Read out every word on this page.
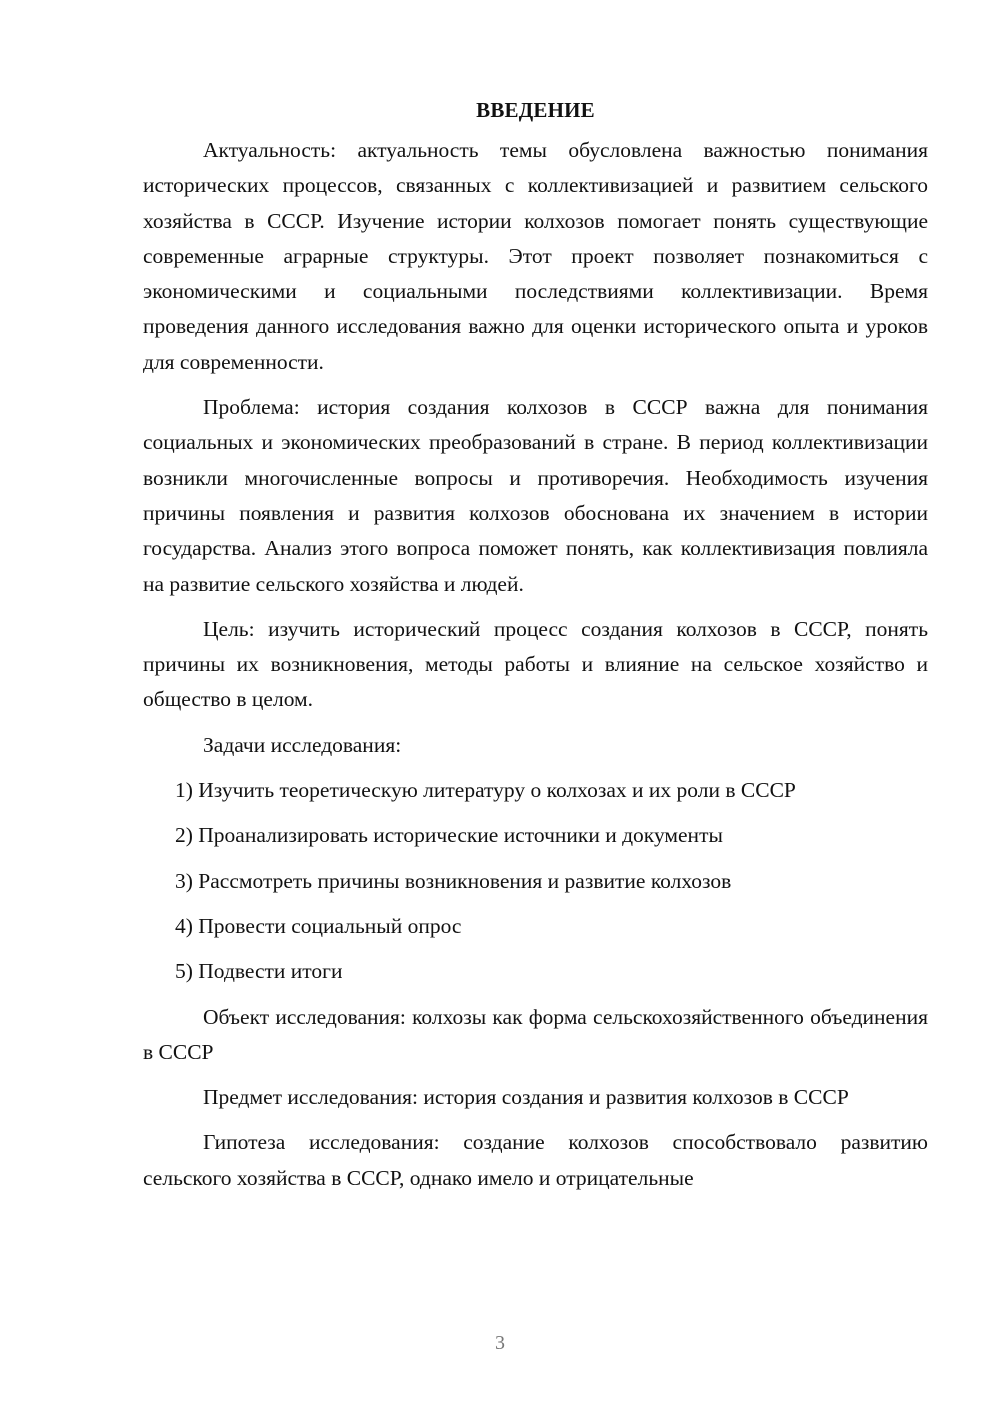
ВВЕДЕНИЕ

Актуальность: актуальность темы обусловлена важностью понимания исторических процессов, связанных с коллективизацией и развитием сельского хозяйства в СССР. Изучение истории колхозов помогает понять существующие современные аграрные структуры. Этот проект позволяет познакомиться с экономическими и социальными последствиями коллективизации. Время проведения данного исследования важно для оценки исторического опыта и уроков для современности.

Проблема: история создания колхозов в СССР важна для понимания социальных и экономических преобразований в стране. В период коллективизации возникли многочисленные вопросы и противоречия. Необходимость изучения причины появления и развития колхозов обоснована их значением в истории государства. Анализ этого вопроса поможет понять, как коллективизация повлияла на развитие сельского хозяйства и людей.

Цель: изучить исторический процесс создания колхозов в СССР, понять причины их возникновения, методы работы и влияние на сельское хозяйство и общество в целом.

Задачи исследования:
1) Изучить теоретическую литературу о колхозах и их роли в СССР
2) Проанализировать исторические источники и документы
3) Рассмотреть причины возникновения и развитие колхозов
4) Провести социальный опрос
5) Подвести итоги

Объект исследования: колхозы как форма сельскохозяйственного объединения в СССР

Предмет исследования: история создания и развития колхозов в СССР

Гипотеза исследования: создание колхозов способствовало развитию сельского хозяйства в СССР, однако имело и отрицательные

3
